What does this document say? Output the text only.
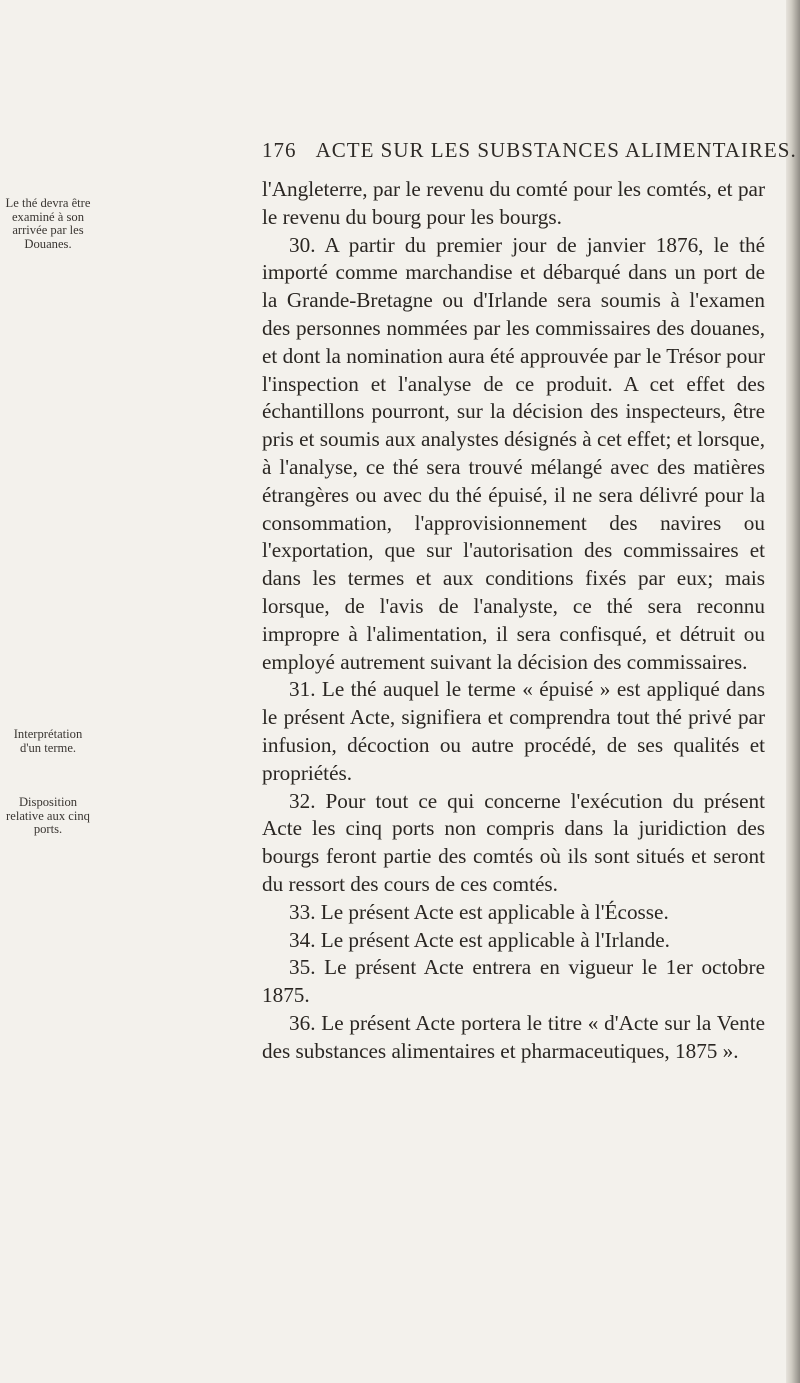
176 ACTE SUR LES SUBSTANCES ALIMENTAIRES.
Le thé devra être examiné à son arrivée par les Douanes.
Interprétation d'un terme.
Disposition relative aux cinq ports.

l'Angleterre, par le revenu du comté pour les comtés, et par le revenu du bourg pour les bourgs.

30. A partir du premier jour de janvier 1876, le thé importé comme marchandise et débarqué dans un port de la Grande-Bretagne ou d'Irlande sera soumis à l'examen des personnes nommées par les commissaires des douanes, et dont la nomination aura été approuvée par le Trésor pour l'inspection et l'analyse de ce produit. A cet effet des échantillons pourront, sur la décision des inspecteurs, être pris et soumis aux analystes désignés à cet effet; et lorsque, à l'analyse, ce thé sera trouvé mélangé avec des matières étrangères ou avec du thé épuisé, il ne sera délivré pour la consommation, l'approvisionnement des navires ou l'exportation, que sur l'autorisation des commissaires et dans les termes et aux conditions fixés par eux; mais lorsque, de l'avis de l'analyste, ce thé sera reconnu impropre à l'alimentation, il sera confisqué, et détruit ou employé autrement suivant la décision des commissaires.

31. Le thé auquel le terme « épuisé » est appliqué dans le présent Acte, signifiera et comprendra tout thé privé par infusion, décoction ou autre procédé, de ses qualités et propriétés.

32. Pour tout ce qui concerne l'exécution du présent Acte les cinq ports non compris dans la juridiction des bourgs feront partie des comtés où ils sont situés et seront du ressort des cours de ces comtés.

33. Le présent Acte est applicable à l'Écosse.

34. Le présent Acte est applicable à l'Irlande.

35. Le présent Acte entrera en vigueur le 1er octobre 1875.

36. Le présent Acte portera le titre « d'Acte sur la Vente des substances alimentaires et pharmaceutiques, 1875 ».
